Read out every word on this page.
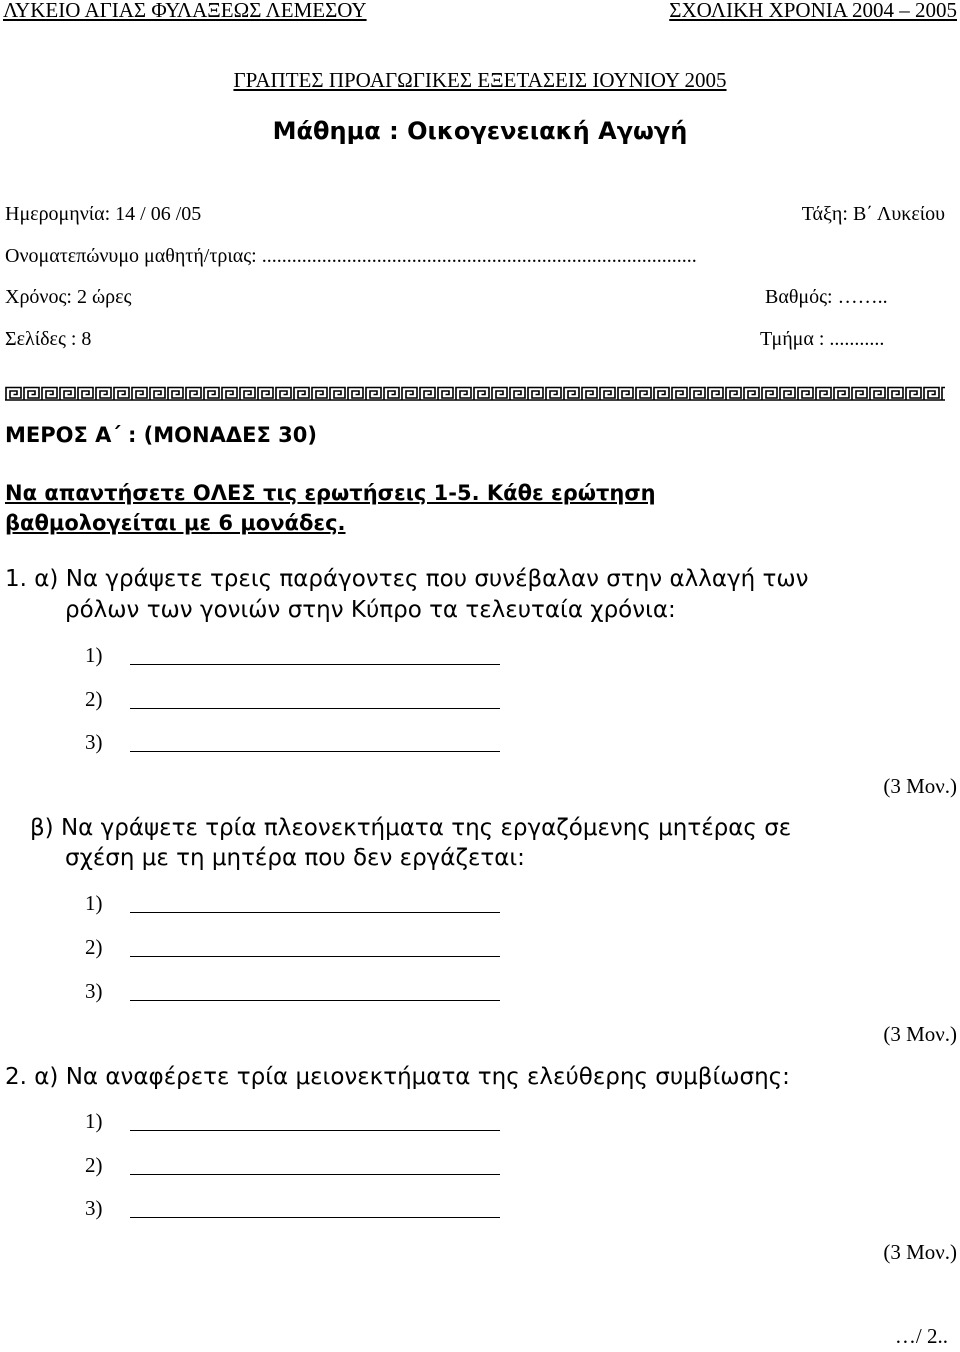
ΛΥΚΕΙΟ ΑΓΙΑΣ ΦΥΛΑΞΕΩΣ ΛΕΜΕΣΟΥ	ΣΧΟΛΙΚΗ ΧΡΟΝΙΑ 2004 – 2005
ΓΡΑΠΤΕΣ ΠΡΟΑΓΩΓΙΚΕΣ ΕΞΕΤΑΣΕΙΣ ΙΟΥΝΙΟΥ 2005
Μάθημα : Οικογενειακή Αγωγή
Ημερομηνία: 14 / 06 /05	Τάξη: Β΄ Λυκείου
Ονοματεπώνυμο μαθητή/τριας: .......................................................................................
Χρόνος: 2 ώρες	Βαθμός: ……..
Σελίδες : 8	Τμήμα : ...........
ΜΕΡΟΣ Α΄ : (ΜΟΝΑΔΕΣ 30)
Να απαντήσετε ΟΛΕΣ τις ερωτήσεις 1-5. Κάθε ερώτηση
βαθμολογείται με 6 μονάδες.
1. α) Να γράψετε τρεις παράγοντες που συνέβαλαν στην αλλαγή των
ρόλων των γονιών στην Κύπρο τα τελευταία χρόνια:
1)
2)
3)
(3 Μον.)
β) Να γράψετε τρία πλεονεκτήματα της εργαζόμενης μητέρας σε
σχέση με τη μητέρα που δεν εργάζεται:
1)
2)
3)
(3 Μον.)
2. α) Να αναφέρετε τρία μειονεκτήματα της ελεύθερης συμβίωσης:
1)
2)
3)
(3 Μον.)
…/ 2..
